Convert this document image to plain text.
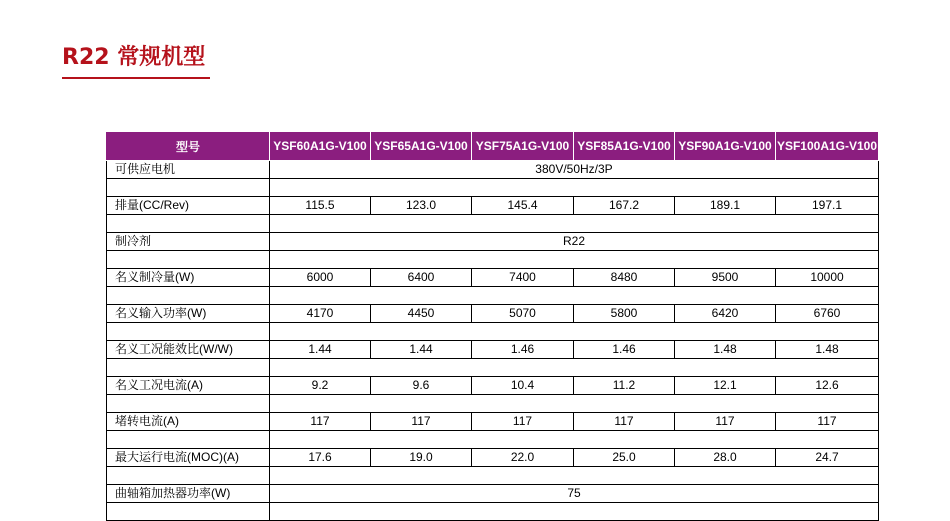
R22 常规机型
型号	YSF60A1G-V100	YSF65A1G-V100	YSF75A1G-V100	YSF85A1G-V100	YSF90A1G-V100	YSF100A1G-V100
可供应电机	380V/50Hz/3P					

排量(CC/Rev)	115.5	123.0	145.4	167.2	189.1	197.1

制冷剂	R22					

名义制冷量(W)	6000	6400	7400	8480	9500	10000

名义输入功率(W)	4170	4450	5070	5800	6420	6760

名义工况能效比(W/W)	1.44	1.44	1.46	1.46	1.48	1.48

名义工况电流(A)	9.2	9.6	10.4	11.2	12.1	12.6

堵转电流(A)	117	117	117	117	117	117

最大运行电流(MOC)(A)	17.6	19.0	22.0	25.0	28.0	24.7

曲轴箱加热器功率(W)	75					
